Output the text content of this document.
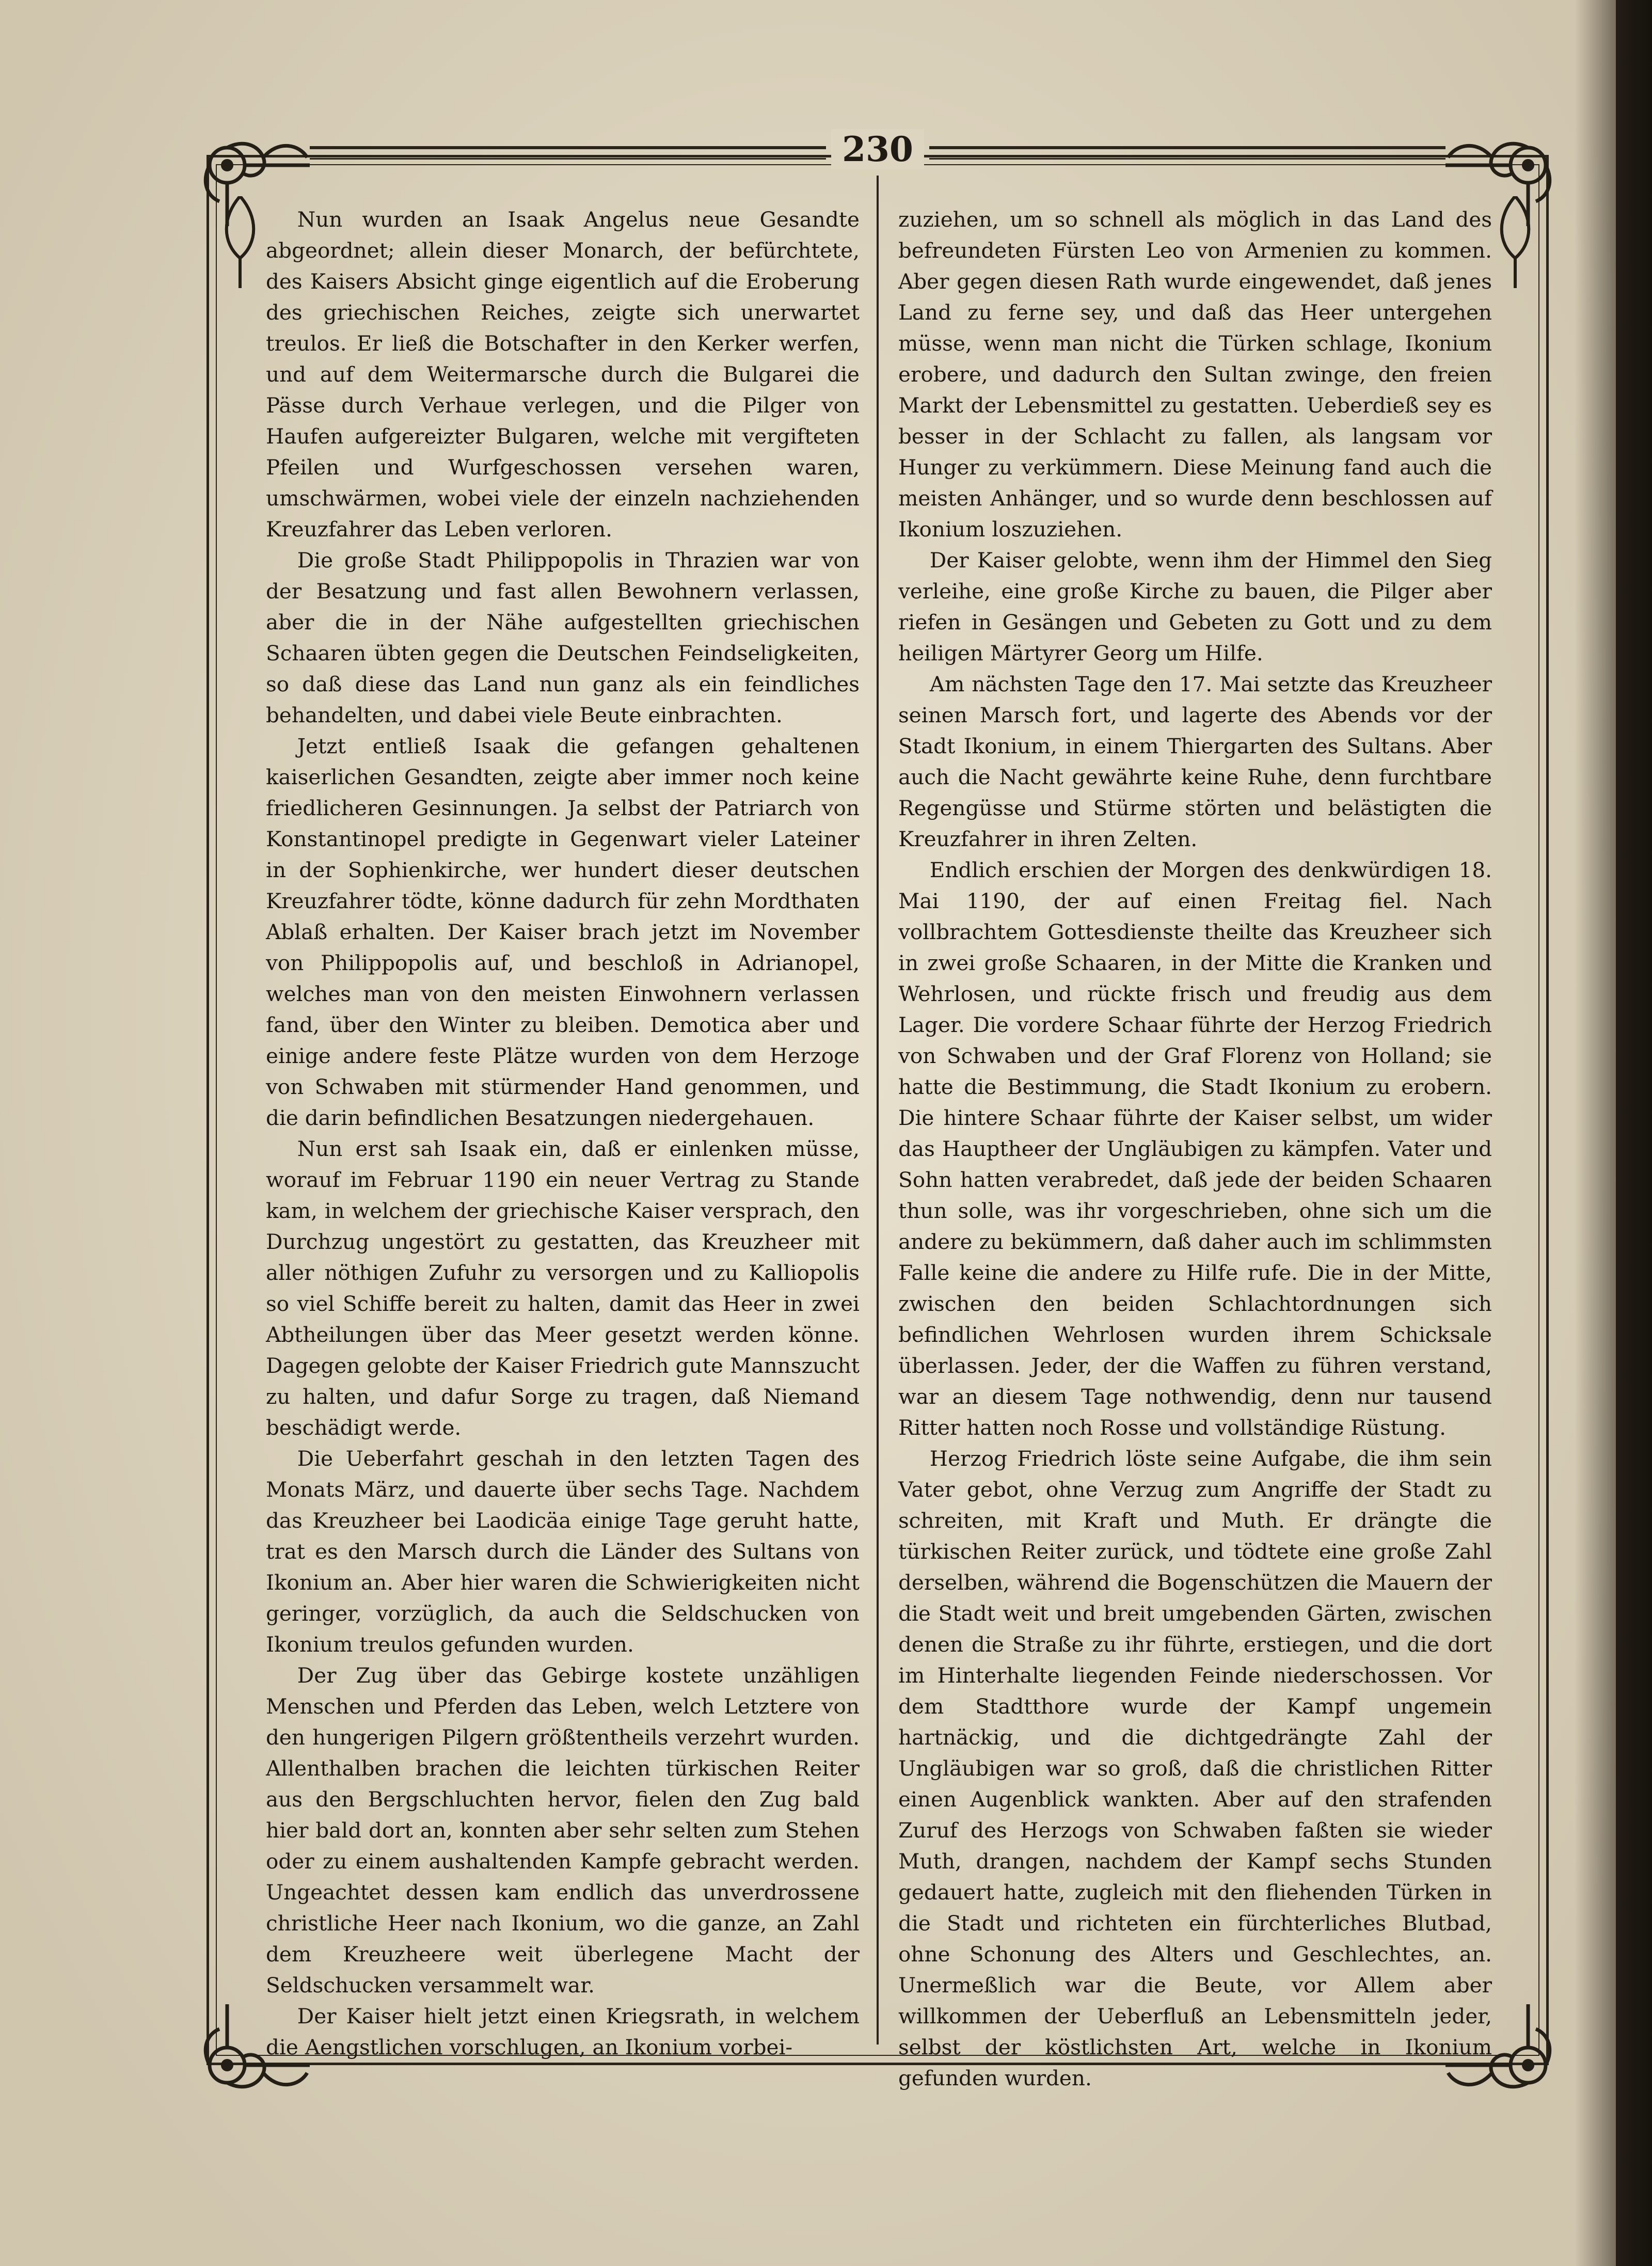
230

Nun wurden an Isaak Angelus neue Gesandte abgeordnet; allein dieser Monarch, der befürchtete, des Kaisers Absicht ginge eigentlich auf die Eroberung des griechischen Reiches, zeigte sich unerwartet treulos. Er ließ die Botschafter in den Kerker werfen, und auf dem Weitermarsche durch die Bulgarei die Pässe durch Verhaue verlegen, und die Pilger von Haufen aufgereizter Bulgaren, welche mit vergifteten Pfeilen und Wurfgeschossen versehen waren, umschwärmen, wobei viele der einzeln nachziehenden Kreuzfahrer das Leben verloren.

Die große Stadt Philippopolis in Thrazien war von der Besatzung und fast allen Bewohnern verlassen, aber die in der Nähe aufgestellten griechischen Schaaren übten gegen die Deutschen Feindseligkeiten, so daß diese das Land nun ganz als ein feindliches behandelten, und dabei viele Beute einbrachten.

Jetzt entließ Isaak die gefangen gehaltenen kaiserlichen Gesandten, zeigte aber immer noch keine friedlicheren Gesinnungen. Ja selbst der Patriarch von Konstantinopel predigte in Gegenwart vieler Lateiner in der Sophienkirche, wer hundert dieser deutschen Kreuzfahrer tödte, könne dadurch für zehn Mordthaten Ablaß erhalten. Der Kaiser brach jetzt im November von Philippopolis auf, und beschloß in Adrianopel, welches man von den meisten Einwohnern verlassen fand, über den Winter zu bleiben. Demotica aber und einige andere feste Plätze wurden von dem Herzoge von Schwaben mit stürmender Hand genommen, und die darin befindlichen Besatzungen niedergehauen.

Nun erst sah Isaak ein, daß er einlenken müsse, worauf im Februar 1190 ein neuer Vertrag zu Stande kam, in welchem der griechische Kaiser versprach, den Durchzug ungestört zu gestatten, das Kreuzheer mit aller nöthigen Zufuhr zu versorgen und zu Kalliopolis so viel Schiffe bereit zu halten, damit das Heer in zwei Abtheilungen über das Meer gesetzt werden könne. Dagegen gelobte der Kaiser Friedrich gute Mannszucht zu halten, und dafur Sorge zu tragen, daß Niemand beschädigt werde.

Die Ueberfahrt geschah in den letzten Tagen des Monats März, und dauerte über sechs Tage. Nachdem das Kreuzheer bei Laodicäa einige Tage geruht hatte, trat es den Marsch durch die Länder des Sultans von Ikonium an. Aber hier waren die Schwierigkeiten nicht geringer, vorzüglich, da auch die Seldschucken von Ikonium treulos gefunden wurden.

Der Zug über das Gebirge kostete unzähligen Menschen und Pferden das Leben, welch Letztere von den hungerigen Pilgern größtentheils verzehrt wurden. Allenthalben brachen die leichten türkischen Reiter aus den Bergschluchten hervor, fielen den Zug bald hier bald dort an, konnten aber sehr selten zum Stehen oder zu einem aushaltenden Kampfe gebracht werden. Ungeachtet dessen kam endlich das unverdrossene christliche Heer nach Ikonium, wo die ganze, an Zahl dem Kreuzheere weit überlegene Macht der Seldschucken versammelt war.

Der Kaiser hielt jetzt einen Kriegsrath, in welchem die Aengstlichen vorschlugen, an Ikonium vorbei-

zuziehen, um so schnell als möglich in das Land des befreundeten Fürsten Leo von Armenien zu kommen. Aber gegen diesen Rath wurde eingewendet, daß jenes Land zu ferne sey, und daß das Heer untergehen müsse, wenn man nicht die Türken schlage, Ikonium erobere, und dadurch den Sultan zwinge, den freien Markt der Lebensmittel zu gestatten. Ueberdieß sey es besser in der Schlacht zu fallen, als langsam vor Hunger zu verkümmern. Diese Meinung fand auch die meisten Anhänger, und so wurde denn beschlossen auf Ikonium loszuziehen.

Der Kaiser gelobte, wenn ihm der Himmel den Sieg verleihe, eine große Kirche zu bauen, die Pilger aber riefen in Gesängen und Gebeten zu Gott und zu dem heiligen Märtyrer Georg um Hilfe.

Am nächsten Tage den 17. Mai setzte das Kreuzheer seinen Marsch fort, und lagerte des Abends vor der Stadt Ikonium, in einem Thiergarten des Sultans. Aber auch die Nacht gewährte keine Ruhe, denn furchtbare Regengüsse und Stürme störten und belästigten die Kreuzfahrer in ihren Zelten.

Endlich erschien der Morgen des denkwürdigen 18. Mai 1190, der auf einen Freitag fiel. Nach vollbrachtem Gottesdienste theilte das Kreuzheer sich in zwei große Schaaren, in der Mitte die Kranken und Wehrlosen, und rückte frisch und freudig aus dem Lager. Die vordere Schaar führte der Herzog Friedrich von Schwaben und der Graf Florenz von Holland; sie hatte die Bestimmung, die Stadt Ikonium zu erobern. Die hintere Schaar führte der Kaiser selbst, um wider das Hauptheer der Ungläubigen zu kämpfen. Vater und Sohn hatten verabredet, daß jede der beiden Schaaren thun solle, was ihr vorgeschrieben, ohne sich um die andere zu bekümmern, daß daher auch im schlimmsten Falle keine die andere zu Hilfe rufe. Die in der Mitte, zwischen den beiden Schlachtordnungen sich befindlichen Wehrlosen wurden ihrem Schicksale überlassen. Jeder, der die Waffen zu führen verstand, war an diesem Tage nothwendig, denn nur tausend Ritter hatten noch Rosse und vollständige Rüstung.

Herzog Friedrich löste seine Aufgabe, die ihm sein Vater gebot, ohne Verzug zum Angriffe der Stadt zu schreiten, mit Kraft und Muth. Er drängte die türkischen Reiter zurück, und tödtete eine große Zahl derselben, während die Bogenschützen die Mauern der die Stadt weit und breit umgebenden Gärten, zwischen denen die Straße zu ihr führte, erstiegen, und die dort im Hinterhalte liegenden Feinde niederschossen. Vor dem Stadtthore wurde der Kampf ungemein hartnäckig, und die dichtgedrängte Zahl der Ungläubigen war so groß, daß die christlichen Ritter einen Augenblick wankten. Aber auf den strafenden Zuruf des Herzogs von Schwaben faßten sie wieder Muth, drangen, nachdem der Kampf sechs Stunden gedauert hatte, zugleich mit den fliehenden Türken in die Stadt und richteten ein fürchterliches Blutbad, ohne Schonung des Alters und Geschlechtes, an. Unermeßlich war die Beute, vor Allem aber willkommen der Ueberfluß an Lebensmitteln jeder, selbst der köstlichsten Art, welche in Ikonium gefunden wurden.
